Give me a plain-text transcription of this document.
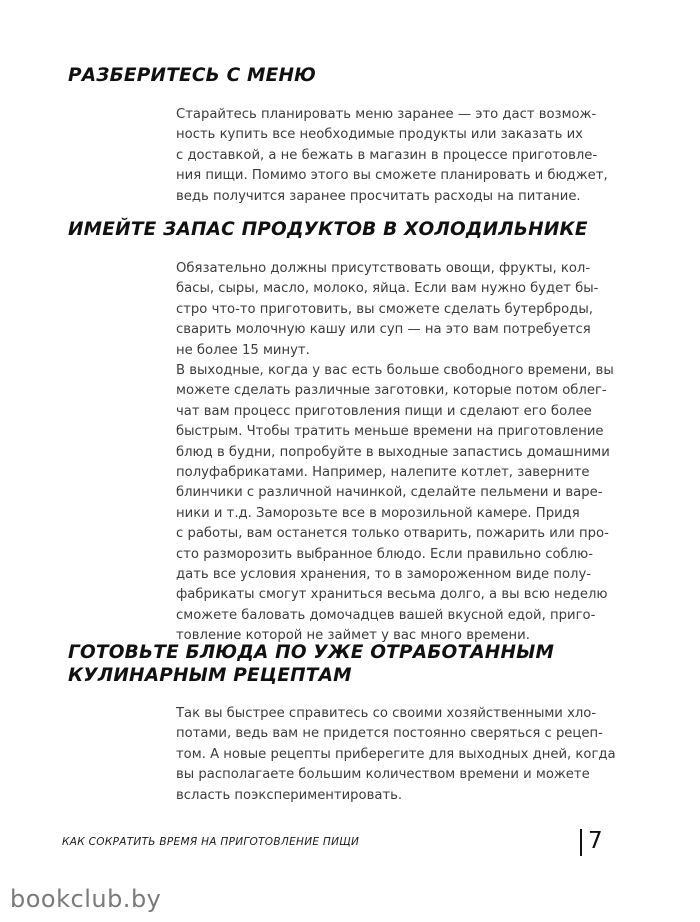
РАЗБЕРИТЕСЬ С МЕНЮ

Старайтесь планировать меню заранее — это даст возмож-
ность купить все необходимые продукты или заказать их
с доставкой, а не бежать в магазин в процессе приготовле-
ния пищи. Помимо этого вы сможете планировать и бюджет,
ведь получится заранее просчитать расходы на питание.

ИМЕЙТЕ ЗАПАС ПРОДУКТОВ В ХОЛОДИЛЬНИКЕ

Обязательно должны присутствовать овощи, фрукты, кол-
басы, сыры, масло, молоко, яйца. Если вам нужно будет бы-
стро что-то приготовить, вы сможете сделать бутерброды,
сварить молочную кашу или суп — на это вам потребуется
не более 15 минут.

В выходные, когда у вас есть больше свободного времени, вы
можете сделать различные заготовки, которые потом облег-
чат вам процесс приготовления пищи и сделают его более
быстрым. Чтобы тратить меньше времени на приготовление
блюд в будни, попробуйте в выходные запастись домашними
полуфабрикатами. Например, налепите котлет, заверните
блинчики с различной начинкой, сделайте пельмени и варе-
ники и т.д. Заморозьте все в морозильной камере. Придя
с работы, вам останется только отварить, пожарить или про-
сто разморозить выбранное блюдо. Если правильно соблю-
дать все условия хранения, то в замороженном виде полу-
фабрикаты смогут храниться весьма долго, а вы всю неделю
сможете баловать домочадцев вашей вкусной едой, приго-
товление которой не займет у вас много времени.

ГОТОВЬТЕ БЛЮДА ПО УЖЕ ОТРАБОТАННЫМ
КУЛИНАРНЫМ РЕЦЕПТАМ

Так вы быстрее справитесь со своими хозяйственными хло-
потами, ведь вам не придется постоянно сверяться с рецеп-
том. А новые рецепты приберегите для выходных дней, когда
вы располагаете большим количеством времени и можете
всласть поэкспериментировать.

КАК СОКРАТИТЬ ВРЕМЯ НА ПРИГОТОВЛЕНИЕ ПИЩИ	7
bookclub.by
